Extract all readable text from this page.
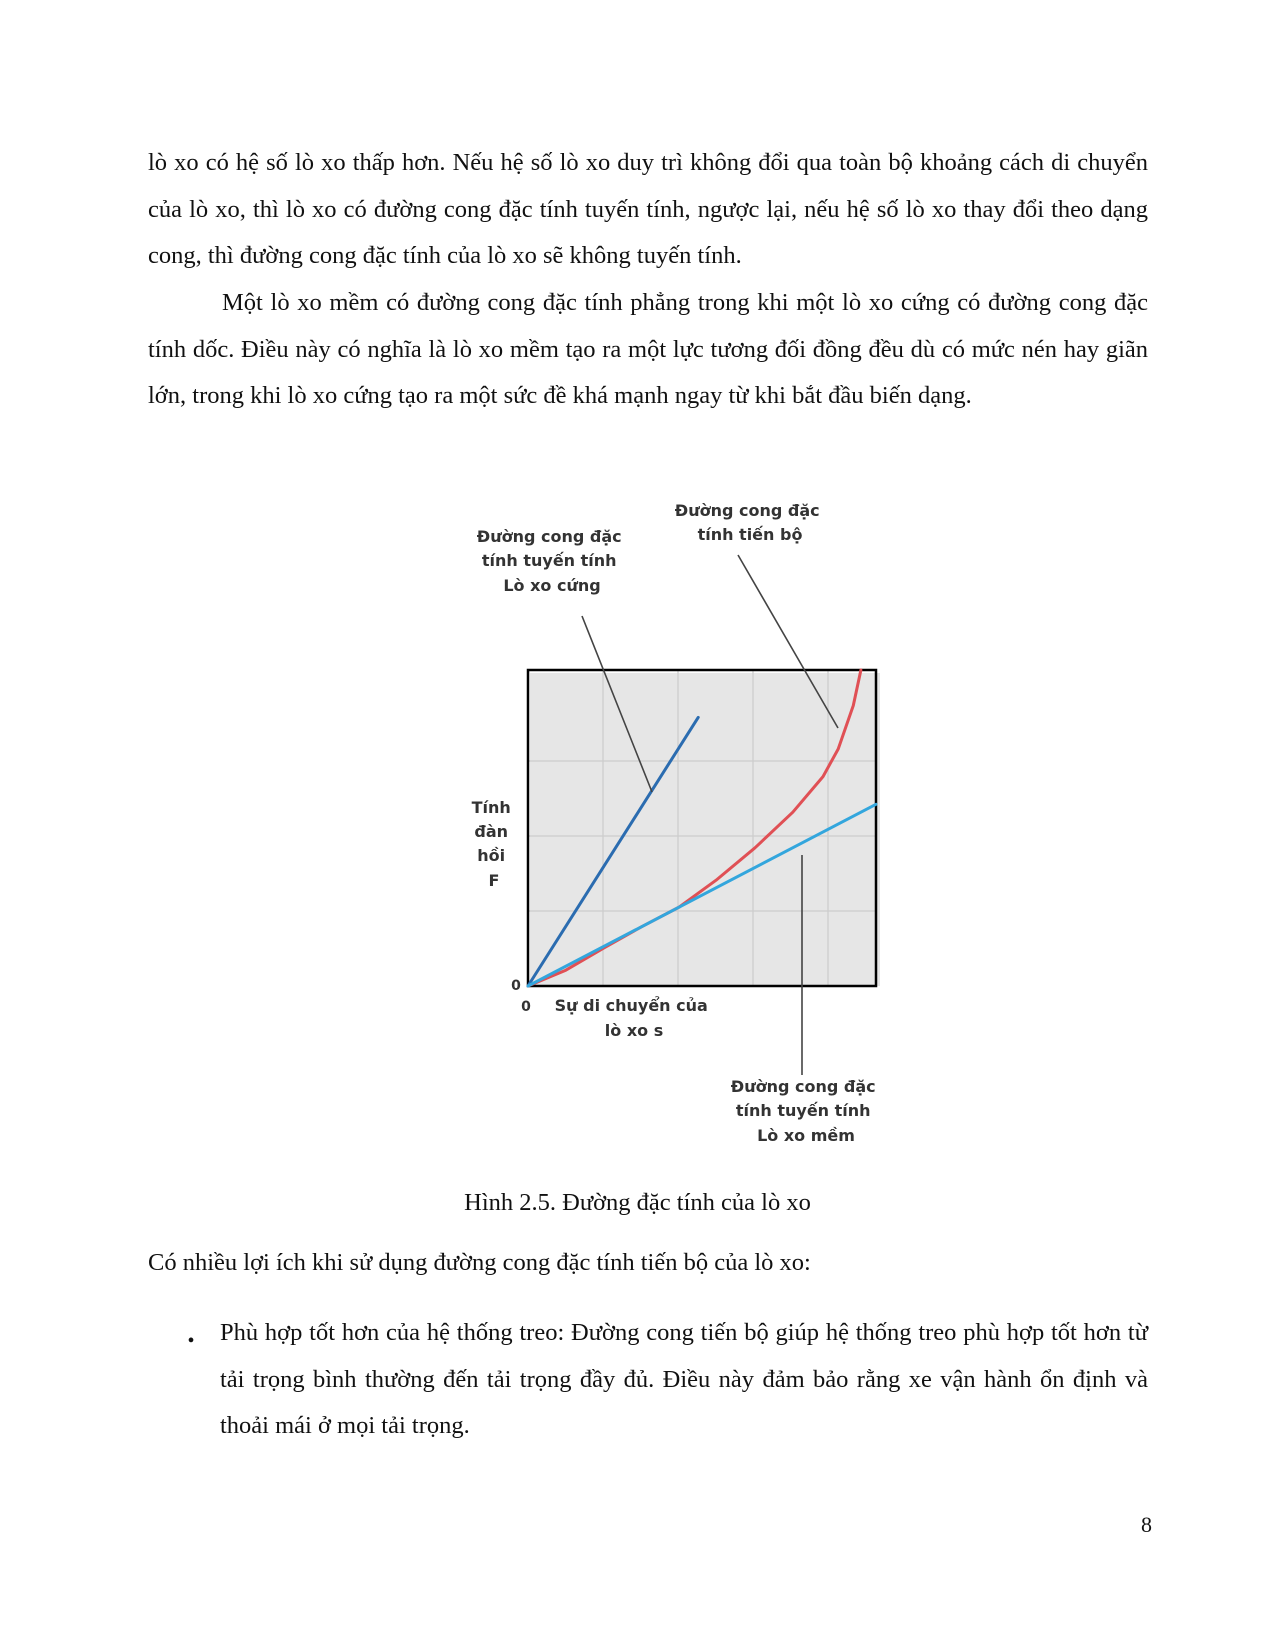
lò xo có hệ số lò xo thấp hơn. Nếu hệ số lò xo duy trì không đổi qua toàn bộ khoảng cách di chuyển của lò xo, thì lò xo có đường cong đặc tính tuyến tính, ngược lại, nếu hệ số lò xo thay đổi theo dạng cong, thì đường cong đặc tính của lò xo sẽ không tuyến tính.

Một lò xo mềm có đường cong đặc tính phẳng trong khi một lò xo cứng có đường cong đặc tính dốc. Điều này có nghĩa là lò xo mềm tạo ra một lực tương đối đồng đều dù có mức nén hay giãn lớn, trong khi lò xo cứng tạo ra một sức đề khá mạnh ngay từ khi bắt đầu biến dạng.

Đường cong đặc tính tuyến tính Lò xo cứng
Đường cong đặc tính tiến bộ
Đường cong đặc tính tuyến tính Lò xo mềm
Tính đàn hồi F
0
0 Sự di chuyển của lò xo s

Hình 2.5. Đường đặc tính của lò xo

Có nhiều lợi ích khi sử dụng đường cong đặc tính tiến bộ của lò xo:

•	Phù hợp tốt hơn của hệ thống treo: Đường cong tiến bộ giúp hệ thống treo phù hợp tốt hơn từ tải trọng bình thường đến tải trọng đầy đủ. Điều này đảm bảo rằng xe vận hành ổn định và thoải mái ở mọi tải trọng.

8
